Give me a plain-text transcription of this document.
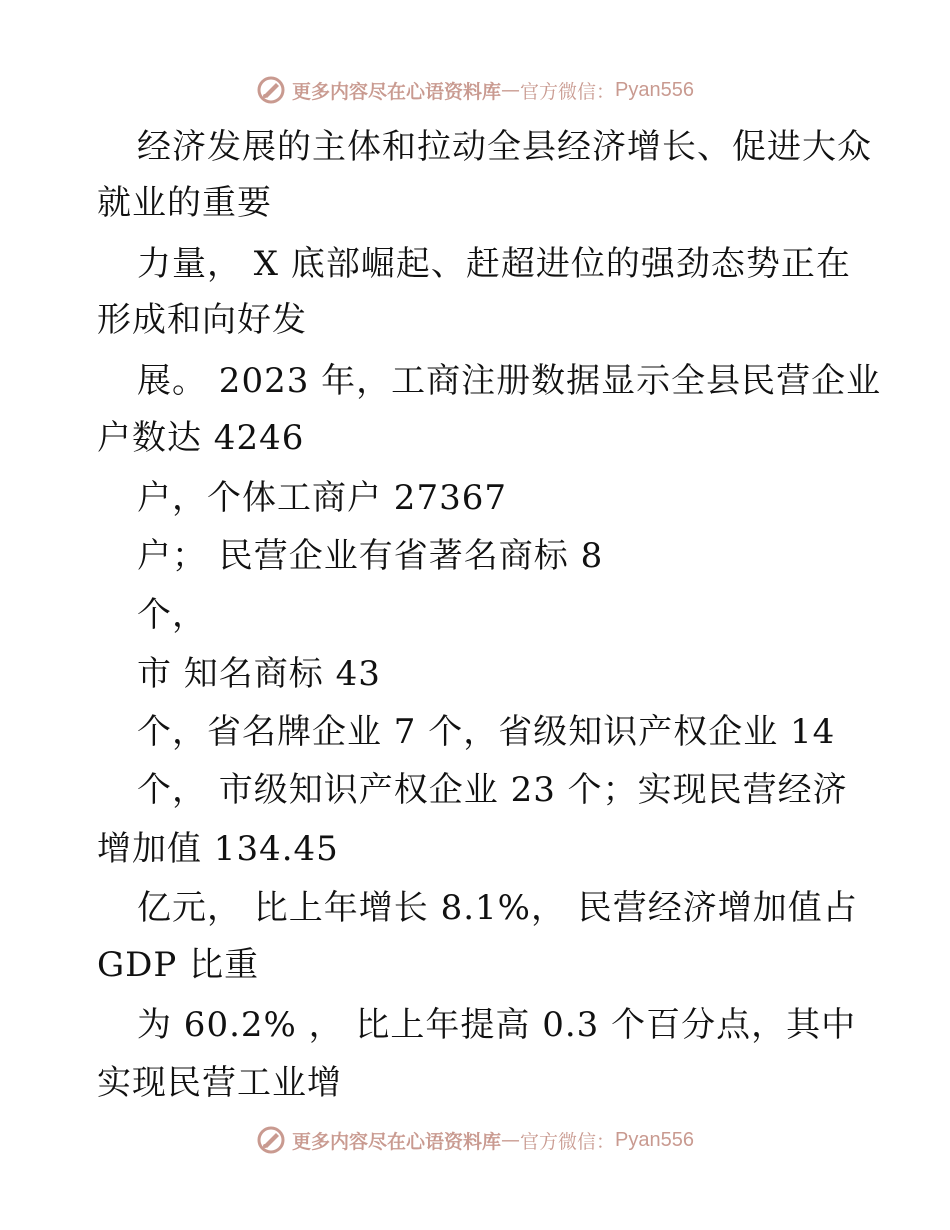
更多内容尽在心语资料库 — 官方微信： Pyan556
经济发展的主体和拉动全县经济增长、促进大众
就业的重要
力量， X 底部崛起、赶超进位的强劲态势正在
形成和向好发
展。 2023 年，工商注册数据显示全县民营企业
户数达 4246
户，个体工商户 27367
户； 民营企业有省著名商标 8
个，
市 知名商标 43
个，省名牌企业 7 个，省级知识产权企业 14
个， 市级知识产权企业 23 个；实现民营经济
增加值 134.45
亿元， 比上年增长 8.1%， 民营经济增加值占
GDP 比重
为 60.2% ， 比上年提高 0.3 个百分点，其中
实现民营工业增
更多内容尽在心语资料库 — 官方微信： Pyan556
